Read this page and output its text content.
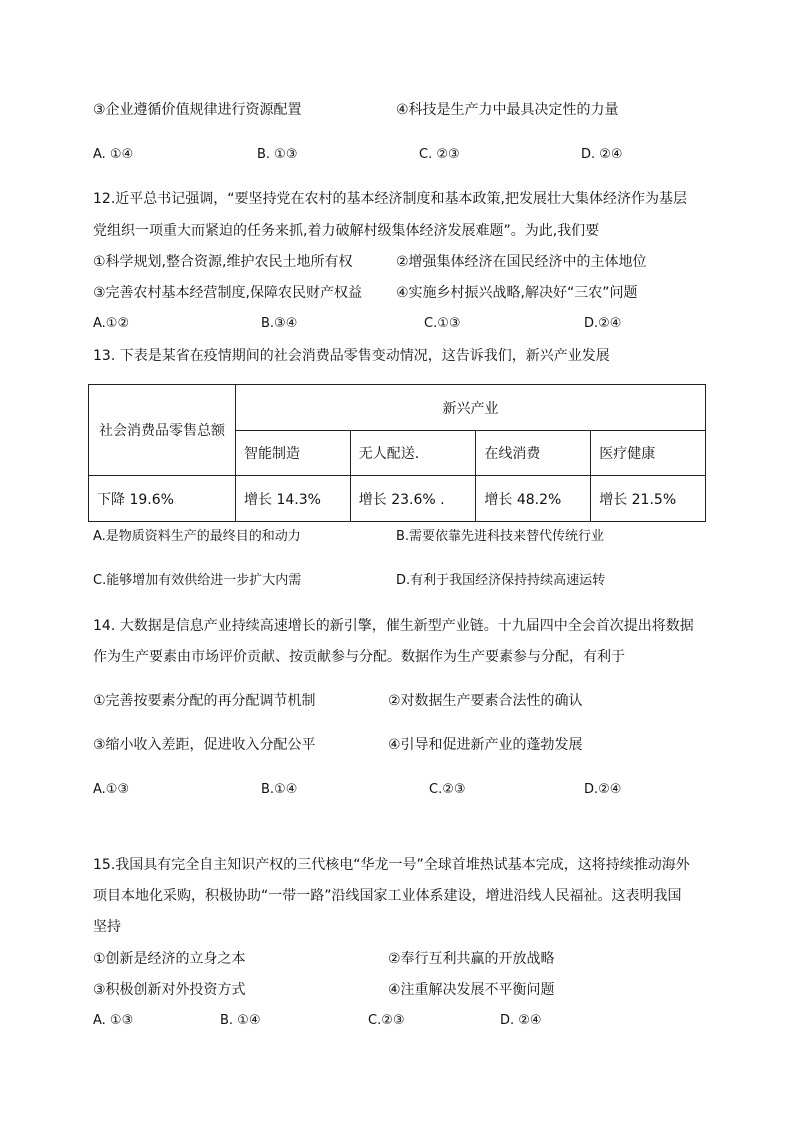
③企业遵循价值规律进行资源配置	④科技是生产力中最具决定性的力量
A. ①④	B. ①③	C. ②③	D. ②④
12.近平总书记强调，“要坚持党在农村的基本经济制度和基本政策,把发展壮大集体经济作为基层
党组织一项重大而紧迫的任务来抓,着力破解村级集体经济发展难题”。为此,我们要
①科学规划,整合资源,维护农民土地所有权	②增强集体经济在国民经济中的主体地位
③完善农村基本经营制度,保障农民财产权益 ④实施乡村振兴战略,解决好“三农”问题
A.①②	B.③④	C.①③	D.②④
13. 下表是某省在疫情期间的社会消费品零售变动情况，这告诉我们，新兴产业发展
社会消费品零售总额	新兴产业			
	智能制造	无人配送.	在线消费	医疗健康
下降 19.6%	增长 14.3%	增长 23.6% .	增长 48.2%	增长 21.5%
A.是物质资料生产的最终目的和动力	B.需要依靠先进科技来替代传统行业
C.能够增加有效供给进一步扩大内需	D.有利于我国经济保持持续高速运转
14. 大数据是信息产业持续高速增长的新引擎，催生新型产业链。十九届四中全会首次提出将数据
作为生产要素由市场评价贡献、按贡献参与分配。数据作为生产要素参与分配，有利于
①完善按要素分配的再分配调节机制	②对数据生产要素合法性的确认
③缩小收入差距，促进收入分配公平	④引导和促进新产业的蓬勃发展
A.①③	B.①④	C.②③	D.②④
15.我国具有完全自主知识产权的三代核电“华龙一号”全球首堆热试基本完成，这将持续推动海外
项目本地化采购，积极协助“一带一路”沿线国家工业体系建设，增进沿线人民福祉。这表明我国
坚持
①创新是经济的立身之本	②奉行互利共赢的开放战略
③积极创新对外投资方式	④注重解决发展不平衡问题
A. ①③	B. ①④	C.②③	D. ②④
